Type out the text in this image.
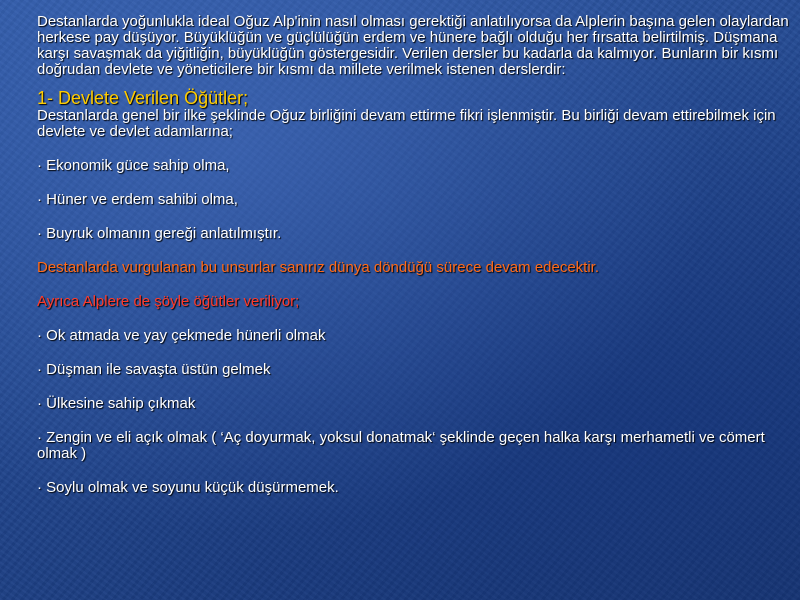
Destanlarda yoğunlukla ideal Oğuz Alp'inin nasıl olması gerektiği anlatılıyorsa da Alplerin başına gelen olaylardan herkese pay düşüyor. Büyüklüğün ve güçlülüğün erdem ve hünere bağlı olduğu her fırsatta belirtilmiş. Düşmana karşı savaşmak da yiğitliğin, büyüklüğün göstergesidir. Verilen dersler bu kadarla da kalmıyor. Bunların bir kısmı doğrudan devlete ve yöneticilere bir kısmı da millete verilmek istenen derslerdir:

1- Devlete Verilen Öğütler;

Destanlarda genel bir ilke şeklinde Oğuz birliğini devam ettirme fikri işlenmiştir. Bu birliği devam ettirebilmek için devlete ve devlet adamlarına;

· Ekonomik güce sahip olma,
· Hüner ve erdem sahibi olma,
· Buyruk olmanın gereği anlatılmıştır.
Destanlarda vurgulanan bu unsurlar sanırız dünya döndüğü sürece devam edecektir.
Ayrıca Alplere de şöyle öğütler veriliyor;
· Ok atmada ve yay çekmede hünerli olmak
· Düşman ile savaşta üstün gelmek
· Ülkesine sahip çıkmak
· Zengin ve eli açık olmak ( ‘Aç doyurmak, yoksul donatmak‘ şeklinde geçen halka karşı merhametli ve cömert olmak )
· Soylu olmak ve soyunu küçük düşürmemek.
